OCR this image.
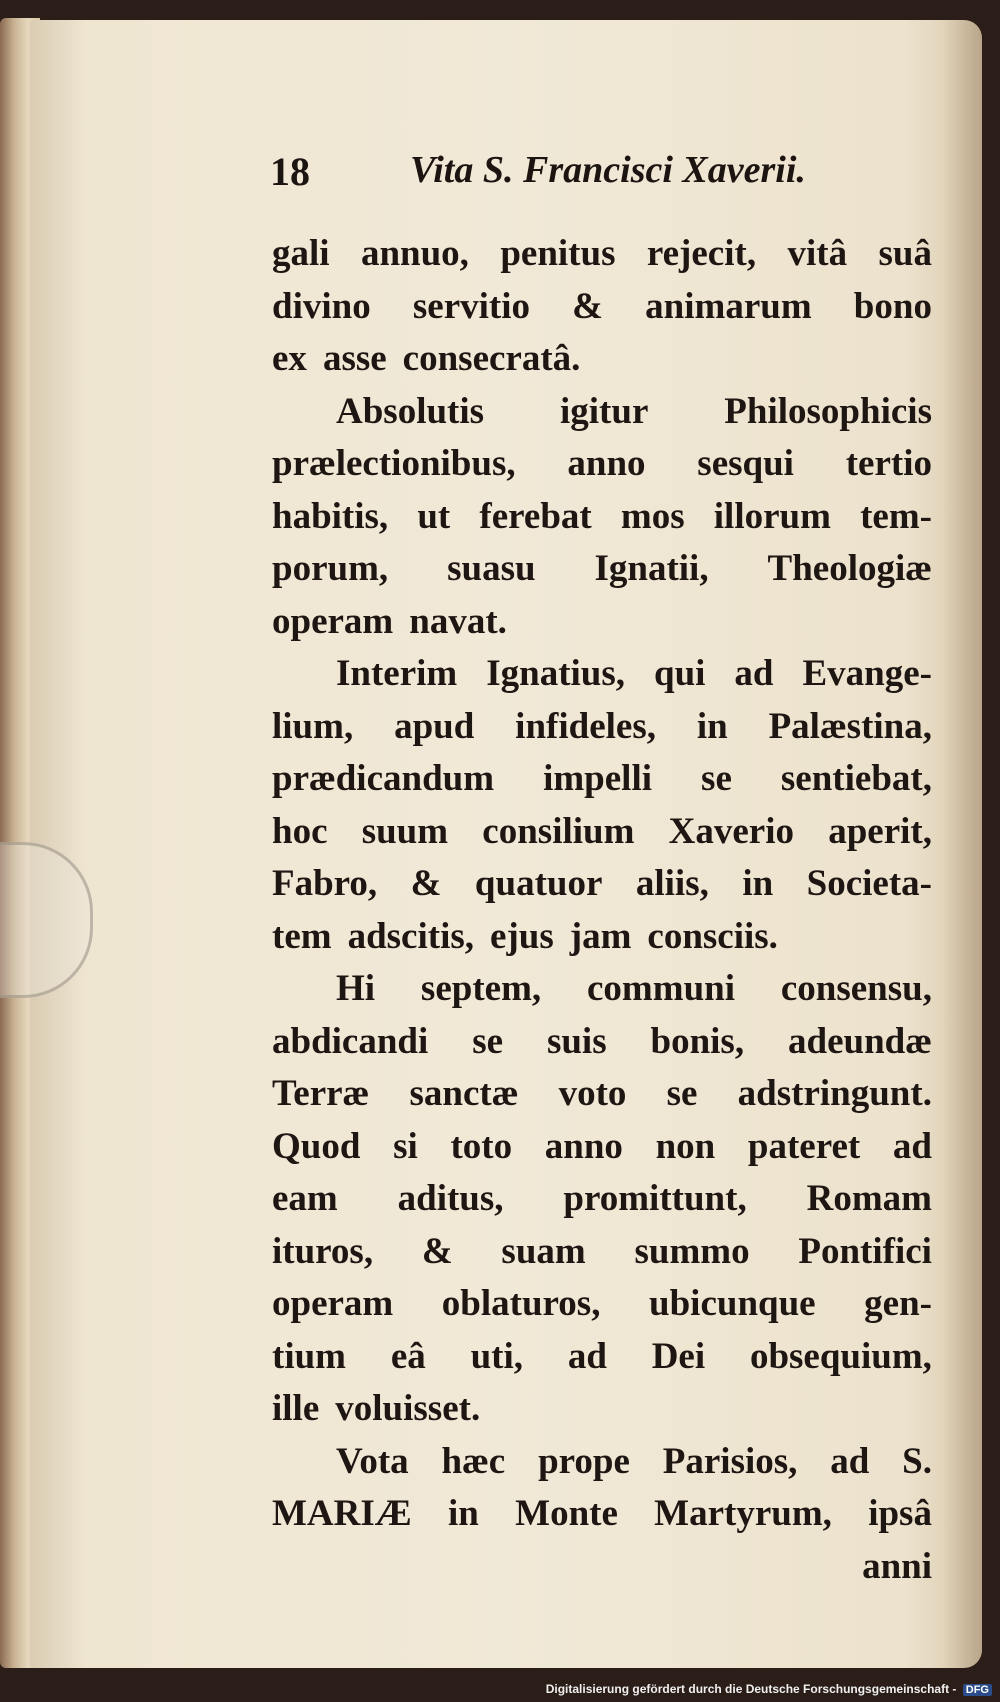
18	Vita S. Francisci Xaverii.
gali annuo, penitus rejecit, vitâ suâ
divino servitio & animarum bono
ex asse consecratâ.
Absolutis igitur Philosophicis
prælectionibus, anno sesqui tertio
habitis, ut ferebat mos illorum tem-
porum, suasu Ignatii, Theologiæ
operam navat.
Interim Ignatius, qui ad Evange-
lium, apud infideles, in Palæstina,
prædicandum impelli se sentiebat,
hoc suum consilium Xaverio aperit,
Fabro, & quatuor aliis, in Societa-
tem adscitis, ejus jam consciis.
Hi septem, communi consensu,
abdicandi se suis bonis, adeundæ
Terræ sanctæ voto se adstringunt.
Quod si toto anno non pateret ad
eam aditus, promittunt, Romam
ituros, & suam summo Pontifici
operam oblaturos, ubicunque gen-
tium eâ uti, ad Dei obsequium,
ille voluisset.
Vota hæc prope Parisios, ad S.
MARIÆ in Monte Martyrum, ipsâ
anni
Digitalisierung gefördert durch die Deutsche Forschungsgemeinschaft - DFG
